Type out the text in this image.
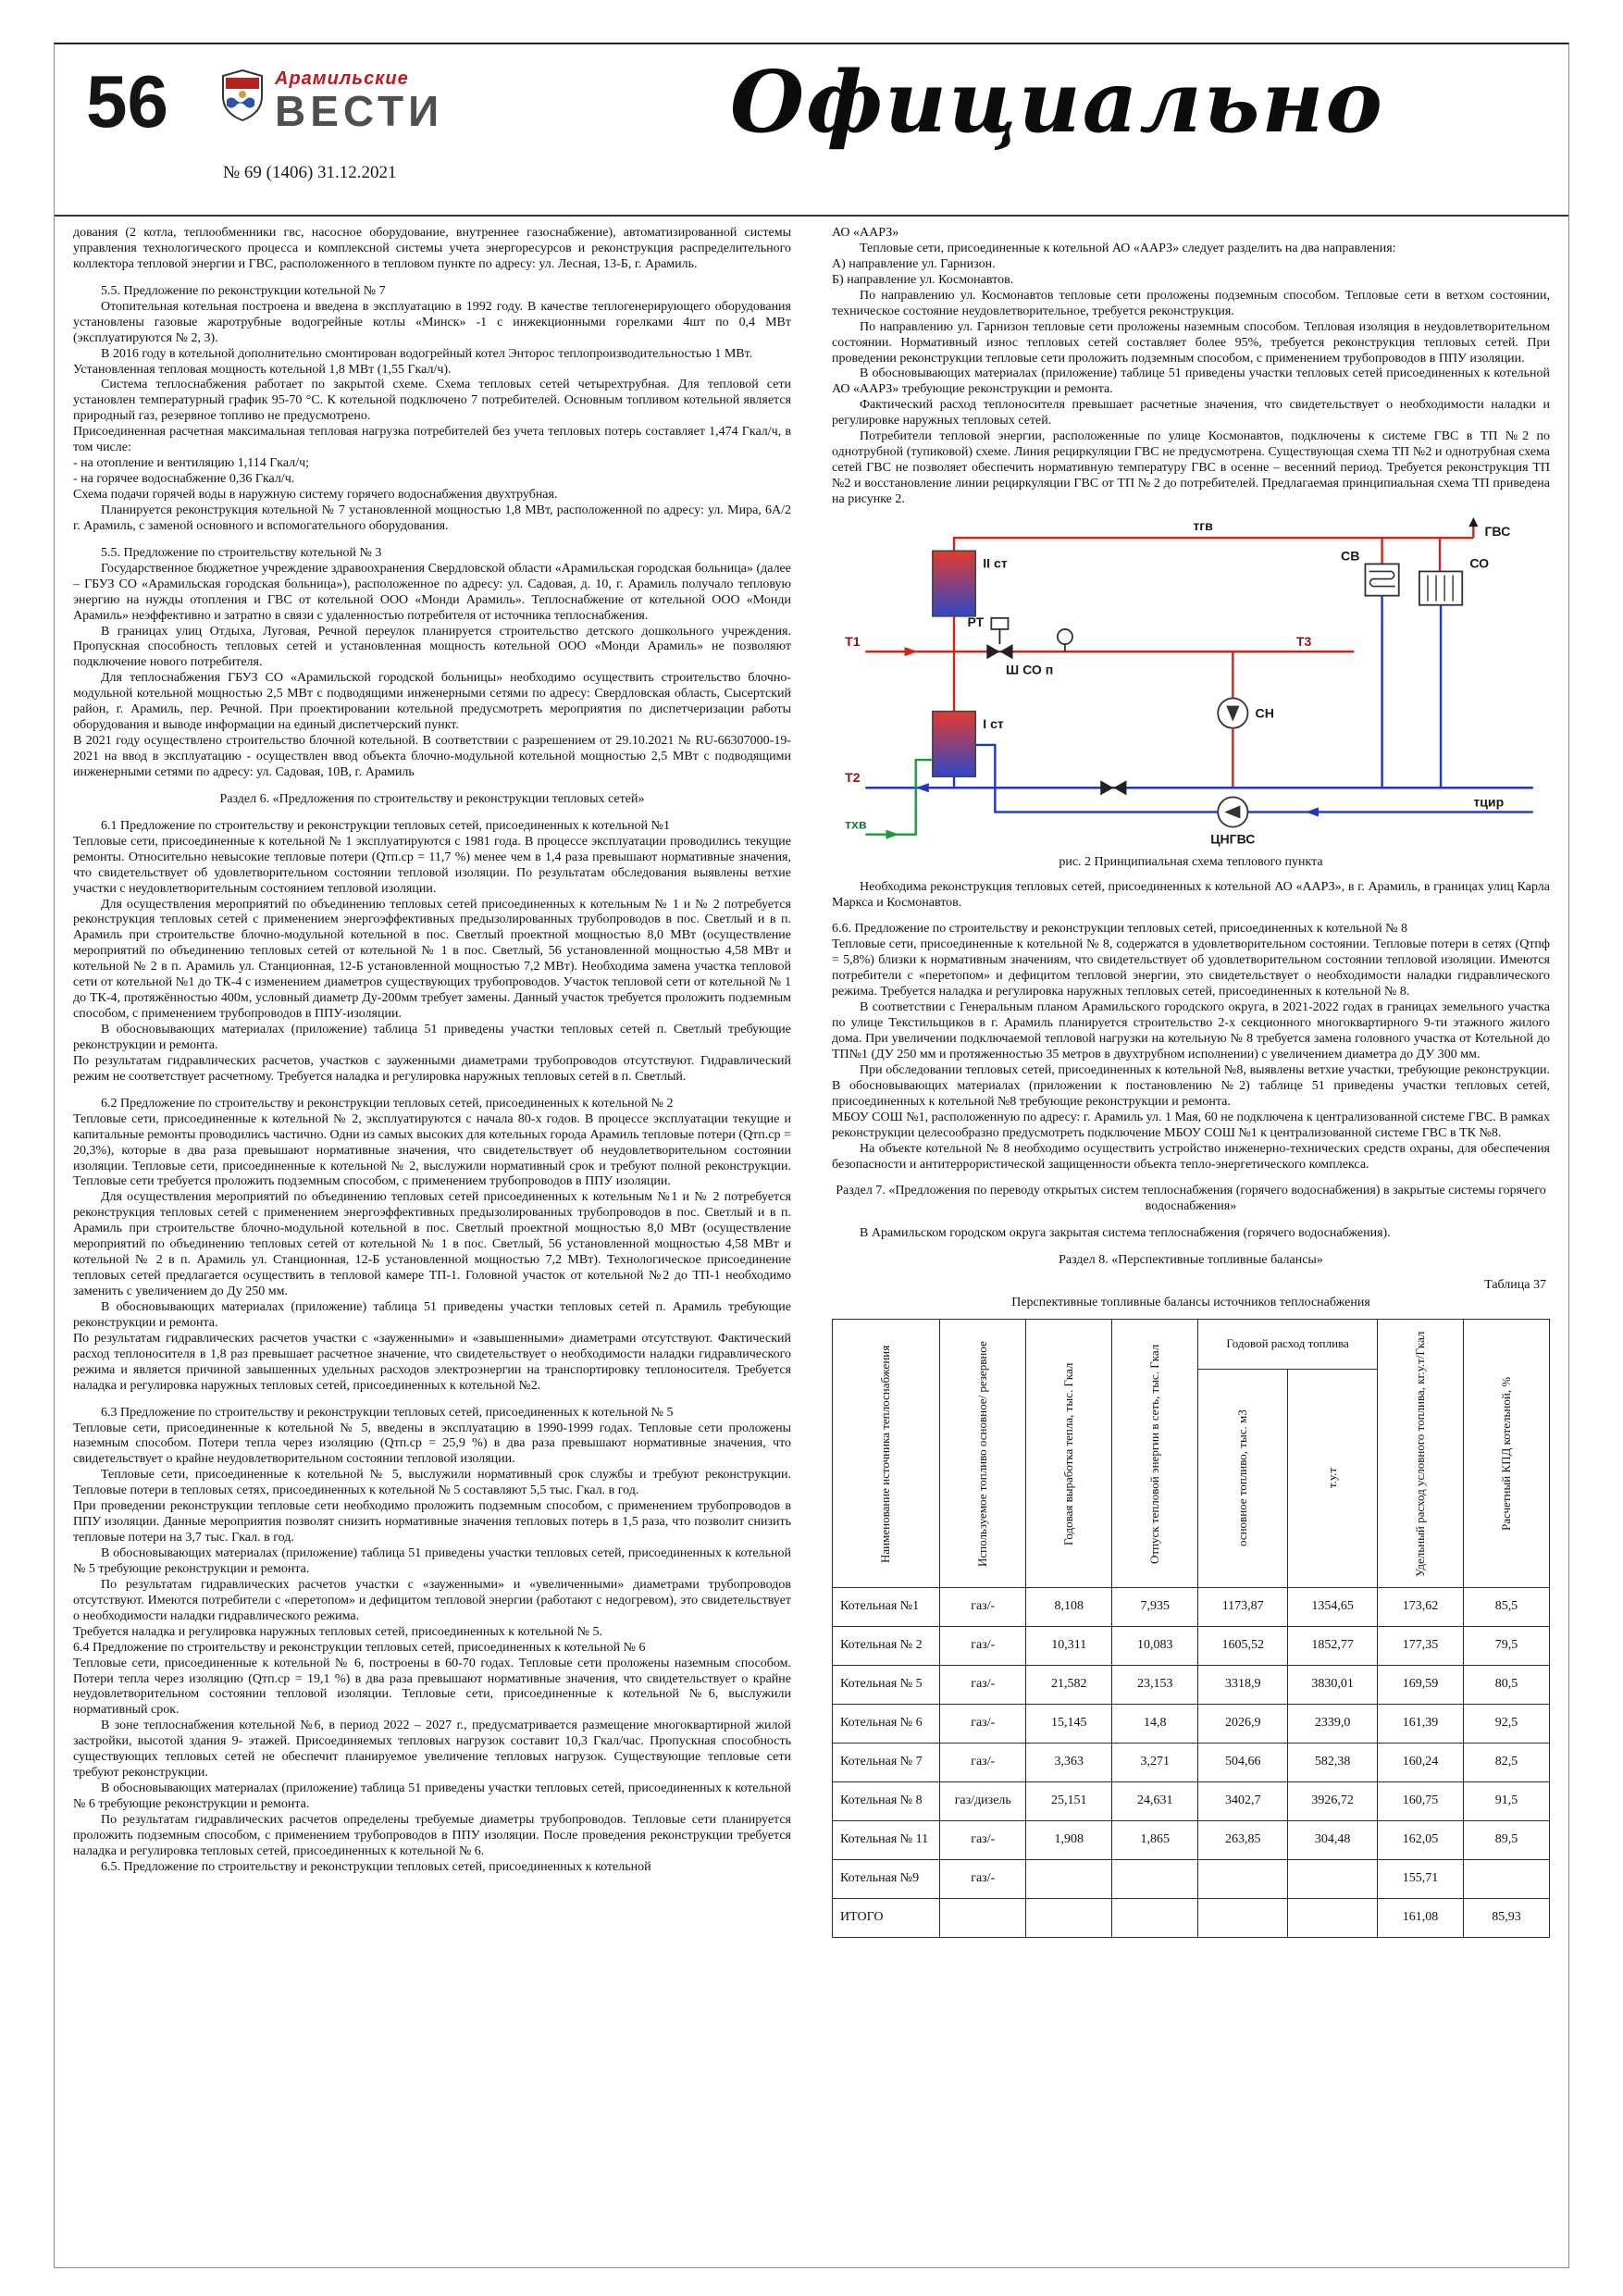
56	Арамильские
ВЕСТИ
№ 69 (1406) 31.12.2021
Официально

дования (2 котла, теплообменники гвс, насосное оборудование, внутреннее газоснабжение), автоматизированной системы управления технологического процесса и комплексной системы учета энергоресурсов и реконструкция распределительного коллектора тепловой энергии и ГВС, расположенного в тепловом пункте по адресу: ул. Лесная, 13-Б, г. Арамиль.

5.5. Предложение по реконструкции котельной № 7

Отопительная котельная построена и введена в эксплуатацию в 1992 году. В качестве теплогенерирующего оборудования установлены газовые жаротрубные водогрейные котлы «Минск» -1 с инжекционными горелками 4шт по 0,4 МВт (эксплуатируются № 2, 3).

В 2016 году в котельной дополнительно смонтирован водогрейный котел Энторос теплопроизводительностью 1 МВт.

Установленная тепловая мощность котельной 1,8 МВт (1,55 Гкал/ч).

Система теплоснабжения работает по закрытой схеме. Схема тепловых сетей четырехтрубная. Для тепловой сети установлен температурный график 95-70 °С. К котельной подключено 7 потребителей. Основным топливом котельной является природный газ, резервное топливо не предусмотрено.

Присоединенная расчетная максимальная тепловая нагрузка потребителей без учета тепловых потерь составляет 1,474 Гкал/ч, в том числе:

- на отопление и вентиляцию 1,114 Гкал/ч;

- на горячее водоснабжение 0,36 Гкал/ч.

Схема подачи горячей воды в наружную систему горячего водоснабжения двухтрубная.

Планируется реконструкция котельной № 7 установленной мощностью 1,8 МВт, расположенной по адресу: ул. Мира, 6А/2 г. Арамиль, с заменой основного и вспомогательного оборудования.

5.5. Предложение по строительству котельной № 3

Государственное бюджетное учреждение здравоохранения Свердловской области «Арамильская городская больница» (далее – ГБУЗ СО «Арамильская городская больница»), расположенное по адресу: ул. Садовая, д. 10, г. Арамиль получало тепловую энергию на нужды отопления и ГВС от котельной ООО «Монди Арамиль». Теплоснабжение от котельной ООО «Монди Арамиль» неэффективно и затратно в связи с удаленностью потребителя от источника теплоснабжения.

В границах улиц Отдыха, Луговая, Речной переулок планируется строительство детского дошкольного учреждения. Пропускная способность тепловых сетей и установленная мощность котельной ООО «Монди Арамиль» не позволяют подключение нового потребителя.

Для теплоснабжения ГБУЗ СО «Арамильской городской больницы» необходимо осуществить строительство блочно-модульной котельной мощностью 2,5 МВт с подводящими инженерными сетями по адресу: Свердловская область, Сысертский район, г. Арамиль, пер. Речной. При проектировании котельной предусмотреть мероприятия по диспетчеризации работы оборудования и выводе информации на единый диспетчерский пункт.

В 2021 году осуществлено строительство блочной котельной. В соответствии с разрешением от 29.10.2021 № RU-66307000-19-2021 на ввод в эксплуатацию - осуществлен ввод объекта блочно-модульной котельной мощностью 2,5 МВт с подводящими инженерными сетями по адресу: ул. Садовая, 10В, г. Арамиль

Раздел 6. «Предложения по строительству и реконструкции тепловых сетей»

6.1 Предложение по строительству и реконструкции тепловых сетей, присоединенных к котельной №1

Тепловые сети, присоединенные к котельной № 1 эксплуатируются с 1981 года. В процессе эксплуатации проводились текущие ремонты. Относительно невысокие тепловые потери (Qтп.ср = 11,7 %) менее чем в 1,4 раза превышают нормативные значения, что свидетельствует об удовлетворительном состоянии тепловой изоляции. По результатам обследования выявлены ветхие участки с неудовлетворительным состоянием тепловой изоляции.

Для осуществления мероприятий по объединению тепловых сетей присоединенных к котельным № 1 и № 2 потребуется реконструкция тепловых сетей с применением энергоэффективных предызолированных трубопроводов в пос. Светлый и в п. Арамиль при строительстве блочно-модульной котельной в пос. Светлый проектной мощностью 8,0 МВт (осуществление мероприятий по объединению тепловых сетей от котельной № 1 в пос. Светлый, 56 установленной мощностью 4,58 МВт и котельной № 2 в п. Арамиль ул. Станционная, 12-Б установленной мощностью 7,2 МВт). Необходима замена участка тепловой сети от котельной №1 до ТК-4 с изменением диаметров существующих трубопроводов. Участок тепловой сети от котельной № 1 до ТК-4, протяжённостью 400м, условный диаметр Ду-200мм требует замены. Данный участок требуется проложить подземным способом, с применением трубопроводов в ППУ-изоляции.

В обосновывающих материалах (приложение) таблица 51 приведены участки тепловых сетей п. Светлый требующие реконструкции и ремонта.

По результатам гидравлических расчетов, участков с зауженными диаметрами трубопроводов отсутствуют. Гидравлический режим не соответствует расчетному. Требуется наладка и регулировка наружных тепловых сетей в п. Светлый.

6.2 Предложение по строительству и реконструкции тепловых сетей, присоединенных к котельной № 2

Тепловые сети, присоединенные к котельной № 2, эксплуатируются с начала 80-х годов. В процессе эксплуатации текущие и капитальные ремонты проводились частично. Одни из самых высоких для котельных города Арамиль тепловые потери (Qтп.ср = 20,3%), которые в два раза превышают нормативные значения, что свидетельствует об неудовлетворительном состоянии изоляции. Тепловые сети, присоединенные к котельной № 2, выслужили нормативный срок и требуют полной реконструкции. Тепловые сети требуется проложить подземным способом, с применением трубопроводов в ППУ изоляции.

Для осуществления мероприятий по объединению тепловых сетей присоединенных к котельным №1 и № 2 потребуется реконструкция тепловых сетей с применением энергоэффективных предызолированных трубопроводов в пос. Светлый и в п. Арамиль при строительстве блочно-модульной котельной в пос. Светлый проектной мощностью 8,0 МВт (осуществление мероприятий по объединению тепловых сетей от котельной № 1 в пос. Светлый, 56 установленной мощностью 4,58 МВт и котельной № 2 в п. Арамиль ул. Станционная, 12-Б установленной мощностью 7,2 МВт). Технологическое присоединение тепловых сетей предлагается осуществить в тепловой камере ТП-1. Головной участок от котельной №2 до ТП-1 необходимо заменить с увеличением до Ду 250 мм.

В обосновывающих материалах (приложение) таблица 51 приведены участки тепловых сетей п. Арамиль требующие реконструкции и ремонта.

По результатам гидравлических расчетов участки с «зауженными» и «завышенными» диаметрами отсутствуют. Фактический расход теплоносителя в 1,8 раз превышает расчетное значение, что свидетельствует о необходимости наладки гидравлического режима и является причиной завышенных удельных расходов электроэнергии на транспортировку теплоносителя. Требуется наладка и регулировка наружных тепловых сетей, присоединенных к котельной №2.

6.3 Предложение по строительству и реконструкции тепловых сетей, присоединенных к котельной № 5

Тепловые сети, присоединенные к котельной № 5, введены в эксплуатацию в 1990-1999 годах. Тепловые сети проложены наземным способом. Потери тепла через изоляцию (Qтп.ср = 25,9 %) в два раза превышают нормативные значения, что свидетельствует о крайне неудовлетворительном состоянии тепловой изоляции.

Тепловые сети, присоединенные к котельной № 5, выслужили нормативный срок службы и требуют реконструкции. Тепловые потери в тепловых сетях, присоединенных к котельной № 5 составляют 5,5 тыс. Гкал. в год.

При проведении реконструкции тепловые сети необходимо проложить подземным способом, с применением трубопроводов в ППУ изоляции. Данные мероприятия позволят снизить нормативные значения тепловых потерь в 1,5 раза, что позволит снизить тепловые потери на 3,7 тыс. Гкал. в год.

В обосновывающих материалах (приложение) таблица 51 приведены участки тепловых сетей, присоединенных к котельной № 5 требующие реконструкции и ремонта.

По результатам гидравлических расчетов участки с «зауженными» и «увеличенными» диаметрами трубопроводов отсутствуют. Имеются потребители с «перетопом» и дефицитом тепловой энергии (работают с недогревом), это свидетельствует о необходимости наладки гидравлического режима.

Требуется наладка и регулировка наружных тепловых сетей, присоединенных к котельной № 5.

6.4 Предложение по строительству и реконструкции тепловых сетей, присоединенных к котельной № 6

Тепловые сети, присоединенные к котельной № 6, построены в 60-70 годах. Тепловые сети проложены наземным способом. Потери тепла через изоляцию (Qтп.ср = 19,1 %) в два раза превышают нормативные значения, что свидетельствует о крайне неудовлетворительном состоянии тепловой изоляции. Тепловые сети, присоединенные к котельной №6, выслужили нормативный срок.

В зоне теплоснабжения котельной №6, в период 2022 – 2027 г., предусматривается размещение многоквартирной жилой застройки, высотой здания 9- этажей. Присоединяемых тепловых нагрузок составит 10,3 Гкал/час. Пропускная способность существующих тепловых сетей не обеспечит планируемое увеличение тепловых нагрузок. Существующие тепловые сети требуют реконструкции.

В обосновывающих материалах (приложение) таблица 51 приведены участки тепловых сетей, присоединенных к котельной № 6 требующие реконструкции и ремонта.

По результатам гидравлических расчетов определены требуемые диаметры трубопроводов. Тепловые сети планируется проложить подземным способом, с применением трубопроводов в ППУ изоляции. После проведения реконструкции требуется наладка и регулировка тепловых сетей, присоединенных к котельной № 6.

6.5. Предложение по строительству и реконструкции тепловых сетей, присоединенных к котельной

АО «ААРЗ»

Тепловые сети, присоединенные к котельной АО «ААРЗ» следует разделить на два направления:

А) направление ул. Гарнизон.

Б) направление ул. Космонавтов.

По направлению ул. Космонавтов тепловые сети проложены подземным способом. Тепловые сети в ветхом состоянии, техническое состояние неудовлетворительное, требуется реконструкция.

По направлению ул. Гарнизон тепловые сети проложены наземным способом. Тепловая изоляция в неудовлетворительном состоянии. Нормативный износ тепловых сетей составляет более 95%, требуется реконструкция тепловых сетей. При проведении реконструкции тепловые сети проложить подземным способом, с применением трубопроводов в ППУ изоляции.

В обосновывающих материалах (приложение) таблице 51 приведены участки тепловых сетей присоединенных к котельной АО «ААРЗ» требующие реконструкции и ремонта.

Фактический расход теплоносителя превышает расчетные значения, что свидетельствует о необходимости наладки и регулировке наружных тепловых сетей.

Потребители тепловой энергии, расположенные по улице Космонавтов, подключены к системе ГВС в ТП №2 по однотрубной (тупиковой) схеме. Линия рециркуляции ГВС не предусмотрена. Существующая схема ТП №2 и однотрубная схема сетей ГВС не позволяет обеспечить нормативную температуру ГВС в осенне – весенний период. Требуется реконструкция ТП №2 и восстановление линии рециркуляции ГВС от ТП № 2 до потребителей. Предлагаемая принципиальная схема ТП приведена на рисунке 2.

тгв	ГВС
II ст
СВ
СО
Т1
РТ
Ш СО п
Т3
СН
I ст
Т2
тцир
ЦНГВС
тхв
рис. 2 Принципиальная схема теплового пункта

Необходима реконструкция тепловых сетей, присоединенных к котельной АО «ААРЗ», в г. Арамиль, в границах улиц Карла Маркса и Космонавтов.

6.6. Предложение по строительству и реконструкции тепловых сетей, присоединенных к котельной № 8

Тепловые сети, присоединенные к котельной № 8, содержатся в удовлетворительном состоянии. Тепловые потери в сетях (Qтпф = 5,8%) близки к нормативным значениям, что свидетельствует об удовлетворительном состоянии тепловой изоляции. Имеются потребители с «перетопом» и дефицитом тепловой энергии, это свидетельствует о необходимости наладки гидравлического режима. Требуется наладка и регулировка наружных тепловых сетей, присоединенных к котельной № 8.

В соответствии с Генеральным планом Арамильского городского округа, в 2021-2022 годах в границах земельного участка по улице Текстильщиков в г. Арамиль планируется строительство 2-х секционного многоквартирного 9-ти этажного жилого дома. При увеличении подключаемой тепловой нагрузки на котельную № 8 требуется замена головного участка от Котельной до ТП№1 (ДУ 250 мм и протяженностью 35 метров в двухтрубном исполнении) с увеличением диаметра до ДУ 300 мм.

При обследовании тепловых сетей, присоединенных к котельной №8, выявлены ветхие участки, требующие реконструкции. В обосновывающих материалах (приложении к постановлению №2) таблице 51 приведены участки тепловых сетей, присоединенных к котельной №8 требующие реконструкции и ремонта.

МБОУ СОШ №1, расположенную по адресу: г. Арамиль ул. 1 Мая, 60 не подключена к централизованной системе ГВС. В рамках реконструкции целесообразно предусмотреть подключение МБОУ СОШ №1 к централизованной системе ГВС в ТК №8.

На объекте котельной № 8 необходимо осуществить устройство инженерно-технических средств охраны, для обеспечения безопасности и антитеррористической защищенности объекта тепло-энергетического комплекса.

Раздел 7. «Предложения по переводу открытых систем теплоснабжения (горячего водоснабжения) в закрытые системы горячего водоснабжения»

В Арамильском городском округа закрытая система теплоснабжения (горячего водоснабжения).

Раздел 8. «Перспективные топливные балансы»

Таблица 37
Перспективные топливные балансы источников теплоснабжения
Наименование источника теплоснабжения	Используемое топливо основное/ резервное	Годовая выработка тепла, тыс. Гкал	Отпуск тепловой энергии в сеть, тыс. Гкал	Годовой расход топлива		Удельный расход условного топлива, кг.у.т/Гкал	Расчетный КПД котельной, %

основное топливо, тыс. м3	т.у.т		

Котельная №1	газ/-	8,108	7,935	1173,87	1354,65	173,62	85,5
Котельная № 2	газ/-	10,311	10,083	1605,52	1852,77	177,35	79,5
Котельная № 5	газ/-	21,582	23,153	3318,9	3830,01	169,59	80,5
Котельная № 6	газ/-	15,145	14,8	2026,9	2339,0	161,39	92,5
Котельная № 7	газ/-	3,363	3,271	504,66	582,38	160,24	82,5
Котельная № 8	газ/дизель	25,151	24,631	3402,7	3926,72	160,75	91,5
Котельная № 11	газ/-	1,908	1,865	263,85	304,48	162,05	89,5
Котельная №9	газ/-					155,71	
ИТОГО						161,08	85,93
